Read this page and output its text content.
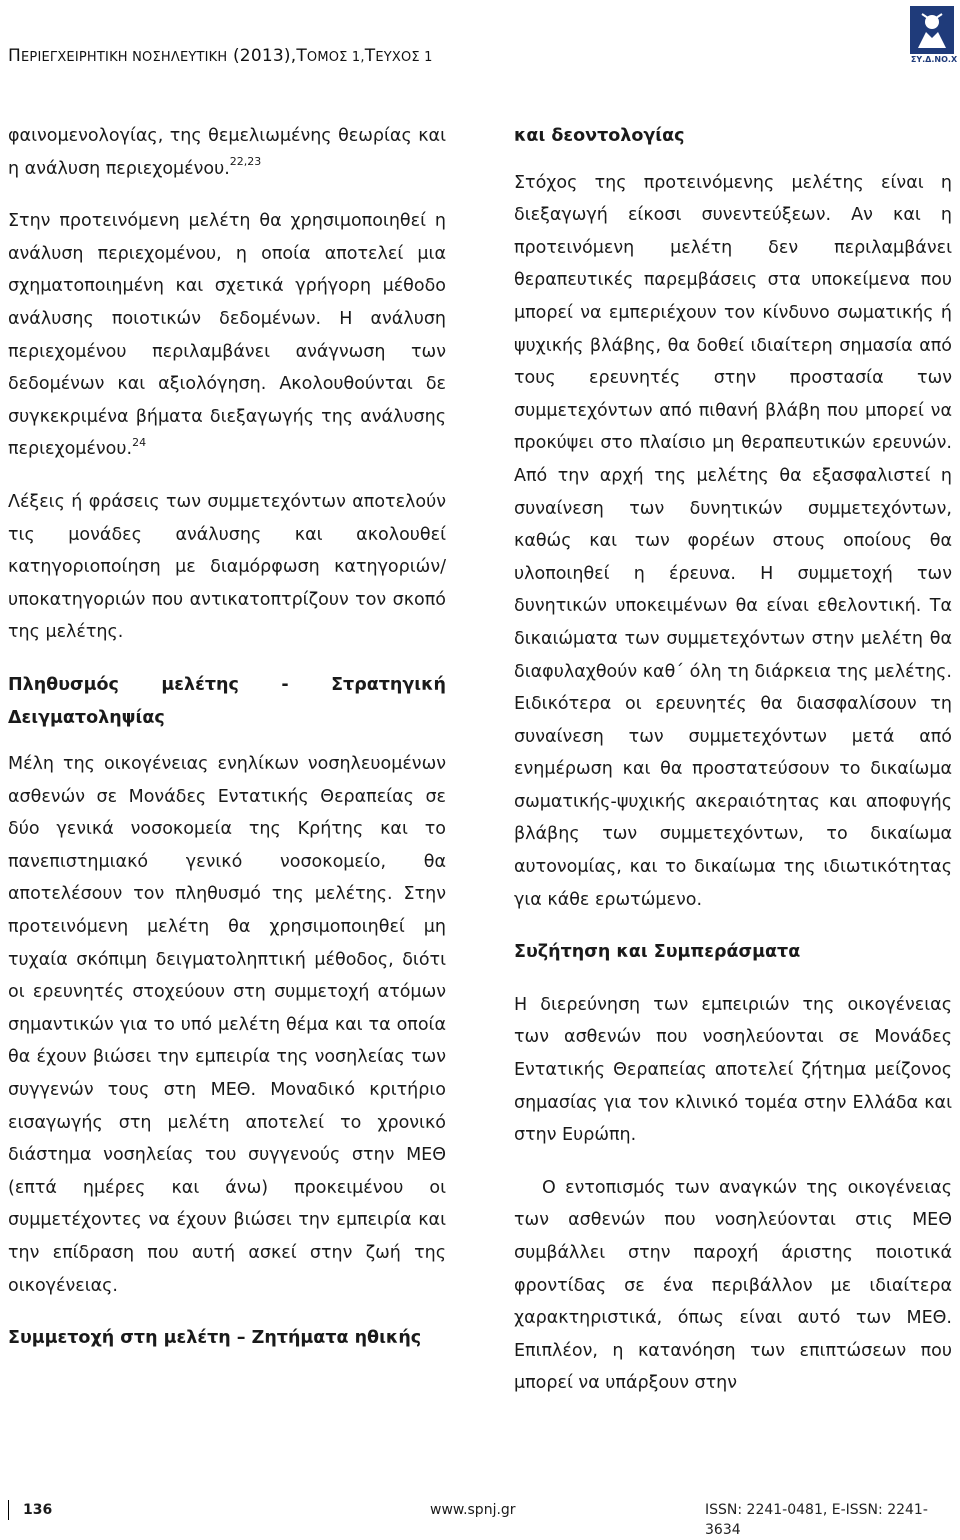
ΠΕΡΙΕΓΧΕΙΡΗΤΙΚΗ ΝΟΣΗΛΕΥΤΙΚΗ (2013),ΤΟΜΟΣ 1,ΤΕΥΧΟΣ 1	ΣΥ.Δ.ΝΟ.Χ

φαινομενολογίας, της θεμελιωμένης θεωρίας και η ανάλυση περιεχομένου.$^{22,23}$

Στην προτεινόμενη μελέτη θα χρησιμοποιηθεί η ανάλυση περιεχομένου, η οποία αποτελεί μια σχηματοποιημένη και σχετικά γρήγορη μέθοδο ανάλυσης ποιοτικών δεδομένων. Η ανάλυση περιεχομένου περιλαμβάνει ανάγνωση των δεδομένων και αξιολόγηση. Ακολουθούνται δε συγκεκριμένα βήματα διεξαγωγής της ανάλυσης περιεχομένου.$^{24}$

Λέξεις ή φράσεις των συμμετεχόντων αποτελούν τις μονάδες ανάλυσης και ακολουθεί κατηγοριοποίηση με διαμόρφωση κατηγοριών/υποκατηγοριών που αντικατοπτρίζουν τον σκοπό της μελέτης.

Πληθυσμός μελέτης - Στρατηγική Δειγματοληψίας

Μέλη της οικογένειας ενηλίκων νοσηλευομένων ασθενών σε Μονάδες Εντατικής Θεραπείας σε δύο γενικά νοσοκομεία της Κρήτης και το πανεπιστημιακό γενικό νοσοκομείο, θα αποτελέσουν τον πληθυσμό της μελέτης. Στην προτεινόμενη μελέτη θα χρησιμοποιηθεί μη τυχαία σκόπιμη δειγματοληπτική μέθοδος, διότι οι ερευνητές στοχεύουν στη συμμετοχή ατόμων σημαντικών για το υπό μελέτη θέμα και τα οποία θα έχουν βιώσει την εμπειρία της νοσηλείας των συγγενών τους στη ΜΕΘ. Μοναδικό κριτήριο εισαγωγής στη μελέτη αποτελεί το χρονικό διάστημα νοσηλείας του συγγενούς στην ΜΕΘ (επτά ημέρες και άνω) προκειμένου οι συμμετέχοντες να έχουν βιώσει την εμπειρία και την επίδραση που αυτή ασκεί στην ζωή της οικογένειας.

Συμμετοχή στη μελέτη – Ζητήματα ηθικής
και δεοντολογίας

Στόχος της προτεινόμενης μελέτης είναι η διεξαγωγή είκοσι συνεντεύξεων. Αν και η προτεινόμενη μελέτη δεν περιλαμβάνει θεραπευτικές παρεμβάσεις στα υποκείμενα που μπορεί να εμπεριέχουν τον κίνδυνο σωματικής ή ψυχικής βλάβης, θα δοθεί ιδιαίτερη σημασία από τους ερευνητές στην προστασία των συμμετεχόντων από πιθανή βλάβη που μπορεί να προκύψει στο πλαίσιο μη θεραπευτικών ερευνών. Από την αρχή της μελέτης θα εξασφαλιστεί η συναίνεση των δυνητικών συμμετεχόντων, καθώς και των φορέων στους οποίους θα υλοποιηθεί η έρευνα. Η συμμετοχή των δυνητικών υποκειμένων θα είναι εθελοντική. Τα δικαιώματα των συμμετεχόντων στην μελέτη θα διαφυλαχθούν καθ΄ όλη τη διάρκεια της μελέτης. Ειδικότερα οι ερευνητές θα διασφαλίσουν τη συναίνεση των συμμετεχόντων μετά από ενημέρωση και θα προστατεύσουν το δικαίωμα σωματικής-ψυχικής ακεραιότητας και αποφυγής βλάβης των συμμετεχόντων, το δικαίωμα αυτονομίας, και το δικαίωμα της ιδιωτικότητας για κάθε ερωτώμενο.

Συζήτηση και Συμπεράσματα

Η διερεύνηση των εμπειριών της οικογένειας των ασθενών που νοσηλεύονται σε Μονάδες Εντατικής Θεραπείας αποτελεί ζήτημα μείζονος σημασίας για τον κλινικό τομέα στην Ελλάδα και στην Ευρώπη.

Ο εντοπισμός των αναγκών της οικογένειας των ασθενών που νοσηλεύονται στις ΜΕΘ συμβάλλει στην παροχή άριστης ποιοτικά φροντίδας σε ένα περιβάλλον με ιδιαίτερα χαρακτηριστικά, όπως είναι αυτό των ΜΕΘ. Επιπλέον, η κατανόηση των επιπτώσεων που μπορεί να υπάρξουν στην

136	www.spnj.gr	ISSN: 2241-0481, E-ISSN: 2241-3634
